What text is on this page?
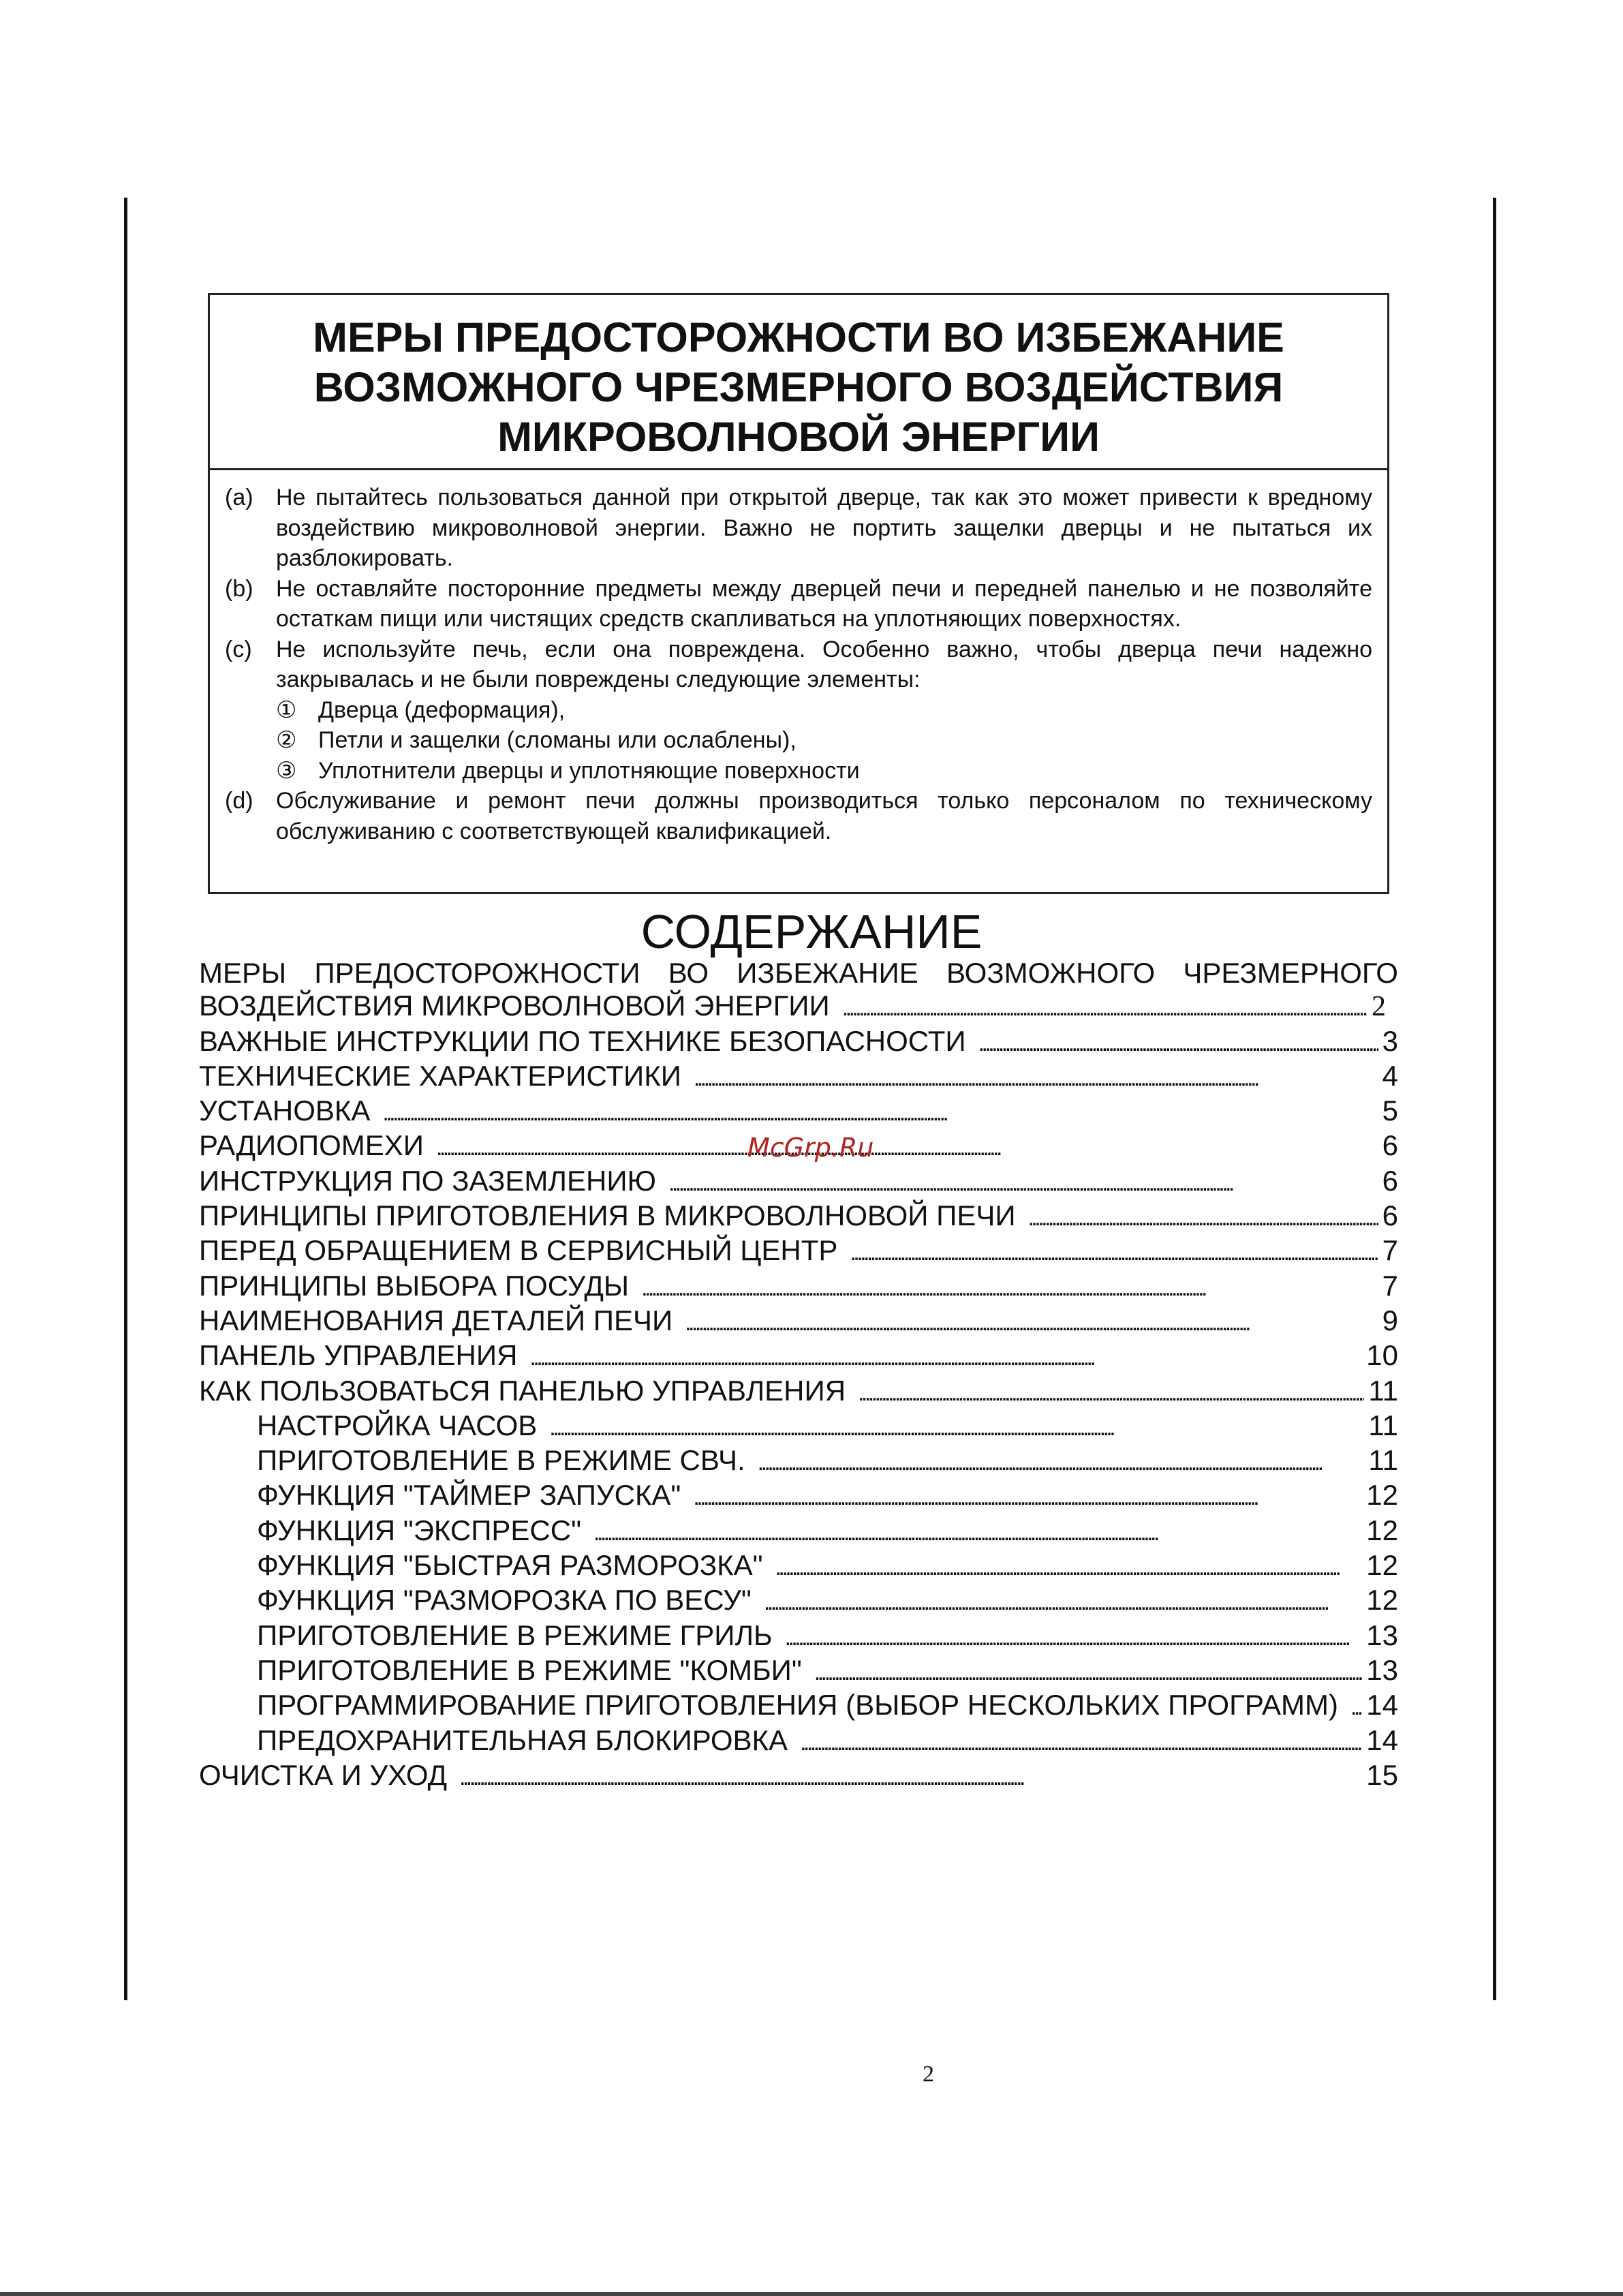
МЕРЫ ПРЕДОСТОРОЖНОСТИ ВО ИЗБЕЖАНИЕ
ВОЗМОЖНОГО ЧРЕЗМЕРНОГО ВОЗДЕЙСТВИЯ
МИКРОВОЛНОВОЙ ЭНЕРГИИ
(a) Не пытайтесь пользоваться данной при открытой дверце, так как это может привести к вредному воздействию микроволновой энергии. Важно не портить защелки дверцы и не пытаться их разблокировать.
(b) Не оставляйте посторонние предметы между дверцей печи и передней панелью и не позволяйте остаткам пищи или чистящих средств скапливаться на уплотняющих поверхностях.
(c)	Не используйте печь, если она повреждена. Особенно важно, чтобы дверца печи надежно закрывалась и не были повреждены следующие элементы:
① Дверца (деформация),
② Петли и защелки (сломаны или ослаблены),
③ Уплотнители дверцы и уплотняющие поверхности
(d) Обслуживание и ремонт печи должны производиться только персоналом по техническому обслуживанию с соответствующей квалификацией.
СОДЕРЖАНИЕ
МЕРЫ ПРЕДОСТОРОЖНОСТИ ВО ИЗБЕЖАНИЕ ВОЗМОЖНОГО ЧРЕЗМЕРНОГО
ВОЗДЕЙСТВИЯ МИКРОВОЛНОВОЙ ЭНЕРГИИ . . .	2
ВАЖНЫЕ ИНСТРУКЦИИ ПО ТЕХНИКЕ БЕЗОПАСНОСТИ . . .	3
ТЕХНИЧЕСКИЕ ХАРАКТЕРИСТИКИ . . .	4
УСТАНОВКА . . .	5
РАДИОПОМЕХИ . . .	6
ИНСТРУКЦИЯ ПО ЗАЗЕМЛЕНИЮ . . .	6
ПРИНЦИПЫ ПРИГОТОВЛЕНИЯ В МИКРОВОЛНОВОЙ ПЕЧИ . . .	6
ПЕРЕД ОБРАЩЕНИЕМ В СЕРВИСНЫЙ ЦЕНТР . . .	7
ПРИНЦИПЫ ВЫБОРА ПОСУДЫ . . .	7
НАИМЕНОВАНИЯ ДЕТАЛЕЙ ПЕЧИ . . .	9
ПАНЕЛЬ УПРАВЛЕНИЯ . . .	10
КАК ПОЛЬЗОВАТЬСЯ ПАНЕЛЬЮ УПРАВЛЕНИЯ . . .	11
НАСТРОЙКА ЧАСОВ . . .	11
ПРИГОТОВЛЕНИЕ В РЕЖИМЕ СВЧ. . . .	11
ФУНКЦИЯ "ТАЙМЕР ЗАПУСКА" . . .	12
ФУНКЦИЯ "ЭКСПРЕСС" . . .	12
ФУНКЦИЯ "БЫСТРАЯ РАЗМОРОЗКА" . . .	12
ФУНКЦИЯ "РАЗМОРОЗКА ПО ВЕСУ" . . .	12
ПРИГОТОВЛЕНИЕ В РЕЖИМЕ ГРИЛЬ . . .	13
ПРИГОТОВЛЕНИЕ В РЕЖИМЕ "КОМБИ" . . .	13
ПРОГРАММИРОВАНИЕ ПРИГОТОВЛЕНИЯ (ВЫБОР НЕСКОЛЬКИХ ПРОГРАММ) . . . 14
ПРЕДОХРАНИТЕЛЬНАЯ БЛОКИРОВКА . . .	14
ОЧИСТКА И УХОД . . .	15
McGrp.Ru
2
